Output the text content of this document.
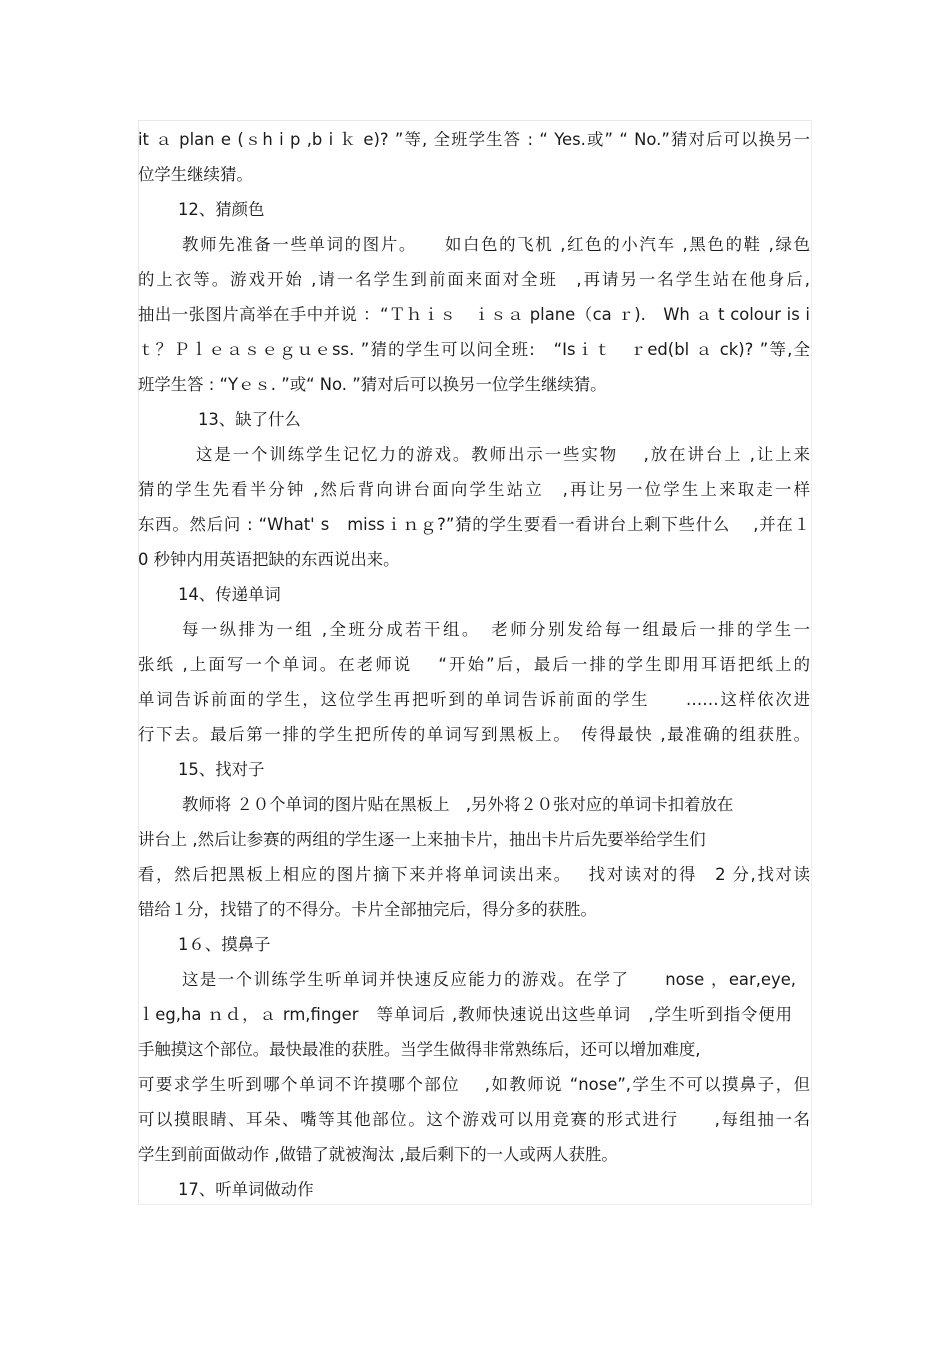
it ａ plan e (ｓh i p ,b i ｋ e)? ”等, 全班学生答 : “ Yes.或” “ No.”猜对后可以换另一
位学生继续猜。
12、猜颜色
教师先准备一些单词的图片。　　如白色的飞机 ,红色的小汽车 ,黑色的鞋 ,绿色
的上衣等。游戏开始 ,请一名学生到前面来面对全班　,再请另一名学生站在他身后,
抽出一张图片高举在手中并说 ：“Ｔｈｉｓ　ｉｓａ plane（ca ｒ).　Wh ａ t colour is i
ｔ？Ｐｌｅａｓｅｇｕｅss. ”猜的学生可以问全班:　“Isｉｔ　ｒed(bl ａ ck)? ”等,全
班学生答 : “Yｅｓ. ”或“ No. ”猜对后可以换另一位学生继续猜。
13、缺了什么
这是一个训练学生记忆力的游戏。教师出示一些实物　 ,放在讲台上 ,让上来
猜的学生先看半分钟 ,然后背向讲台面向学生站立　,再让另一位学生上来取走一样
东西。然后问 : “What' s　missｉｎｇ?”猜的学生要看一看讲台上剩下些什么　 ,并在１
0 秒钟内用英语把缺的东西说出来。
14、传递单词
每一纵排为一组 ,全班分成若干组。　老师分别发给每一组最后一排的学生一
张纸 ,上面写一个单词。在老师说　 “开始”后，最后一排的学生即用耳语把纸上的
单词告诉前面的学生，这位学生再把听到的单词告诉前面的学生　　……这样依次进
行下去。最后第一排的学生把所传的单词写到黑板上。　传得最快 ,最准确的组获胜。
15、找对子
教师将 ２０个单词的图片贴在黑板上　,另外将２０张对应的单词卡扣着放在
讲台上 ,然后让参赛的两组的学生逐一上来抽卡片，抽出卡片后先要举给学生们
看，然后把黑板上相应的图片摘下来并将单词读出来。　 找对读对的得　2 分,找对读
错给１分，找错了的不得分。卡片全部抽完后，得分多的获胜。
1６、摸鼻子
这是一个训练学生听单词并快速反应能力的游戏。在学了　　nose ，ear,eye,
ｌeg,ha ｎｄ，ａ rm,finger　等单词后 ,教师快速说出这些单词　,学生听到指令便用
手触摸这个部位。最快最准的获胜。当学生做得非常熟练后，还可以增加难度,
可要求学生听到哪个单词不许摸哪个部位　 ,如教师说 “nose”,学生不可以摸鼻子，但
可以摸眼睛、耳朵、嘴等其他部位。这个游戏可以用竞赛的形式进行　　,每组抽一名
学生到前面做动作 ,做错了就被淘汰 ,最后剩下的一人或两人获胜。
17、听单词做动作
